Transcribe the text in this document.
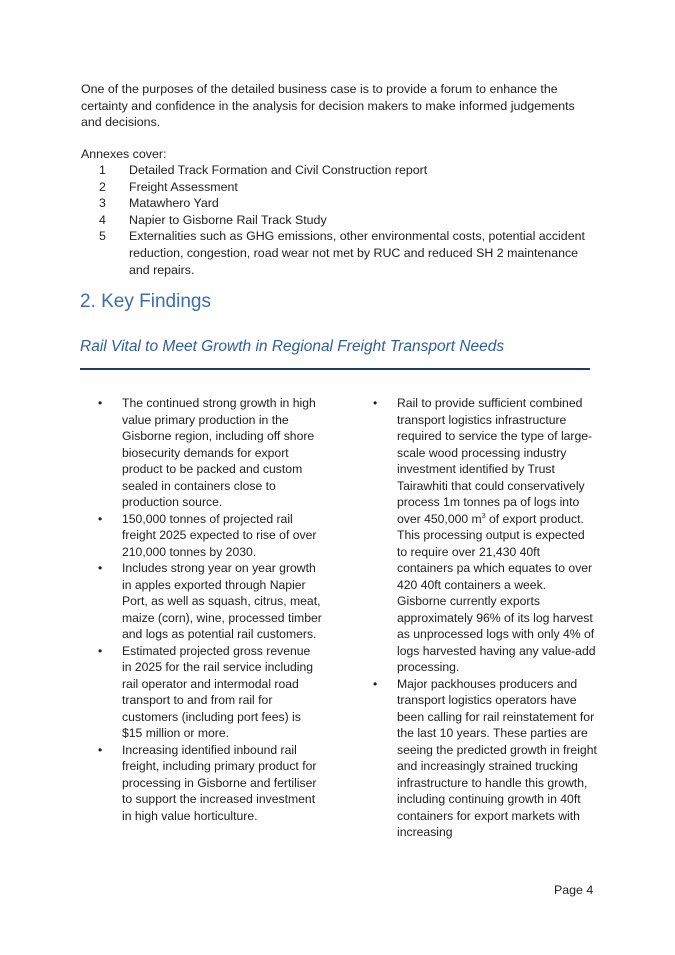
One of the purposes of the detailed business case is to provide a forum to enhance the certainty and confidence in the analysis for decision makers to make informed judgements and decisions.

Annexes cover:

1	Detailed Track Formation and Civil Construction report
2	Freight Assessment
3	Matawhero Yard
4	Napier to Gisborne Rail Track Study
5	Externalities such as GHG emissions, other environmental costs, potential accident reduction, congestion, road wear not met by RUC and reduced SH 2 maintenance and repairs.
2. Key Findings
Rail Vital to Meet Growth in Regional Freight Transport Needs
•	The continued strong growth in high value primary production in the Gisborne region, including off shore biosecurity demands for export product to be packed and custom sealed in containers close to production source.
•	150,000 tonnes of projected rail freight 2025 expected to rise of over 210,000 tonnes by 2030.
•	Includes strong year on year growth in apples exported through Napier Port, as well as squash, citrus, meat, maize (corn), wine, processed timber and logs as potential rail customers.
•	Estimated projected gross revenue in 2025 for the rail service including rail operator and intermodal road transport to and from rail for customers (including port fees) is $15 million or more.
•	Increasing identified inbound rail freight, including primary product for processing in Gisborne and fertiliser to support the increased investment in high value horticulture.
•	Rail to provide sufficient combined transport logistics infrastructure required to service the type of large-scale wood processing industry investment identified by Trust Tairawhiti that could conservatively process 1m tonnes pa of logs into over 450,000 $m^3$ of export product. This processing output is expected to require over 21,430 40ft containers pa which equates to over 420 40ft containers a week. Gisborne currently exports approximately 96% of its log harvest as unprocessed logs with only 4% of logs harvested having any value-add processing.
•	Major packhouses producers and transport logistics operators have been calling for rail reinstatement for the last 10 years. These parties are seeing the predicted growth in freight and increasingly strained trucking infrastructure to handle this growth, including continuing growth in 40ft containers for export markets with increasing
Page 4
